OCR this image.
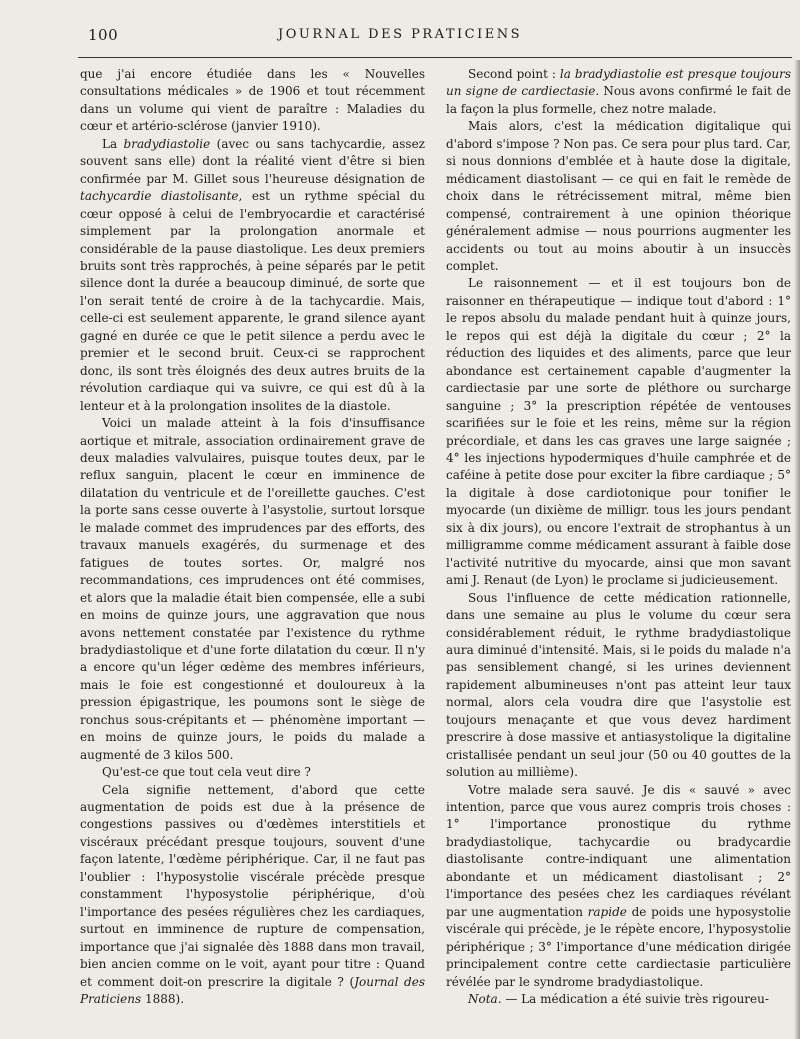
100	JOURNAL DES PRATICIENS

que j'ai encore étudiée dans les « Nouvelles consultations médicales » de 1906 et tout récemment dans un volume qui vient de paraître : Maladies du cœur et artério-sclérose (janvier 1910).

La bradydiastolie (avec ou sans tachycardie, assez souvent sans elle) dont la réalité vient d'être si bien confirmée par M. Gillet sous l'heureuse désignation de tachycardie diastolisante, est un rythme spécial du cœur opposé à celui de l'embryocardie et caractérisé simplement par la prolongation anormale et considérable de la pause diastolique. Les deux premiers bruits sont très rapprochés, à peine séparés par le petit silence dont la durée a beaucoup diminué, de sorte que l'on serait tenté de croire à de la tachycardie. Mais, celle-ci est seulement apparente, le grand silence ayant gagné en durée ce que le petit silence a perdu avec le premier et le second bruit. Ceux-ci se rapprochent donc, ils sont très éloignés des deux autres bruits de la révolution cardiaque qui va suivre, ce qui est dû à la lenteur et à la prolongation insolites de la diastole.

Voici un malade atteint à la fois d'insuffisance aortique et mitrale, association ordinairement grave de deux maladies valvulaires, puisque toutes deux, par le reflux sanguin, placent le cœur en imminence de dilatation du ventricule et de l'oreillette gauches. C'est la porte sans cesse ouverte à l'asystolie, surtout lorsque le malade commet des imprudences par des efforts, des travaux manuels exagérés, du surmenage et des fatigues de toutes sortes. Or, malgré nos recommandations, ces imprudences ont été commises, et alors que la maladie était bien compensée, elle a subi en moins de quinze jours, une aggravation que nous avons nettement constatée par l'existence du rythme bradydiastolique et d'une forte dilatation du cœur. Il n'y a encore qu'un léger œdème des membres inférieurs, mais le foie est congestionné et douloureux à la pression épigastrique, les poumons sont le siège de ronchus sous-crépitants et — phénomène important — en moins de quinze jours, le poids du malade a augmenté de 3 kilos 500.

Qu'est-ce que tout cela veut dire ?

Cela signifie nettement, d'abord que cette augmentation de poids est due à la présence de congestions passives ou d'œdèmes interstitiels et viscéraux précédant presque toujours, souvent d'une façon latente, l'œdème périphérique. Car, il ne faut pas l'oublier : l'hyposystolie viscérale précède presque constamment l'hyposystolie périphérique, d'où l'importance des pesées régulières chez les cardiaques, surtout en imminence de rupture de compensation, importance que j'ai signalée dès 1888 dans mon travail, bien ancien comme on le voit, ayant pour titre : Quand et comment doit-on prescrire la digitale ? (Journal des Praticiens 1888).

Second point : la bradydiastolie est presque toujours un signe de cardiectasie. Nous avons confirmé le fait de la façon la plus formelle, chez notre malade.

Mais alors, c'est la médication digitalique qui d'abord s'impose ? Non pas. Ce sera pour plus tard. Car, si nous donnions d'emblée et à haute dose la digitale, médicament diastolisant — ce qui en fait le remède de choix dans le rétrécissement mitral, même bien compensé, contrairement à une opinion théorique généralement admise — nous pourrions augmenter les accidents ou tout au moins aboutir à un insuccès complet.

Le raisonnement — et il est toujours bon de raisonner en thérapeutique — indique tout d'abord : 1° le repos absolu du malade pendant huit à quinze jours, le repos qui est déjà la digitale du cœur ; 2° la réduction des liquides et des aliments, parce que leur abondance est certainement capable d'augmenter la cardiectasie par une sorte de pléthore ou surcharge sanguine ; 3° la prescription répétée de ventouses scarifiées sur le foie et les reins, même sur la région précordiale, et dans les cas graves une large saignée ; 4° les injections hypodermiques d'huile camphrée et de caféine à petite dose pour exciter la fibre cardiaque ; 5° la digitale à dose cardiotonique pour tonifier le myocarde (un dixième de milligr. tous les jours pendant six à dix jours), ou encore l'extrait de strophantus à un milligramme comme médicament assurant à faible dose l'activité nutritive du myocarde, ainsi que mon savant ami J. Renaut (de Lyon) le proclame si judicieusement.

Sous l'influence de cette médication rationnelle, dans une semaine au plus le volume du cœur sera considérablement réduit, le rythme bradydiastolique aura diminué d'intensité. Mais, si le poids du malade n'a pas sensiblement changé, si les urines deviennent rapidement albumineuses n'ont pas atteint leur taux normal, alors cela voudra dire que l'asystolie est toujours menaçante et que vous devez hardiment prescrire à dose massive et antiasystolique la digitaline cristallisée pendant un seul jour (50 ou 40 gouttes de la solution au millième).

Votre malade sera sauvé. Je dis « sauvé » avec intention, parce que vous aurez compris trois choses : 1° l'importance pronostique du rythme bradydiastolique, tachycardie ou bradycardie diastolisante contre-indiquant une alimentation abondante et un médicament diastolisant ; 2° l'importance des pesées chez les cardiaques révélant par une augmentation rapide de poids une hyposystolie viscérale qui précède, je le répète encore, l'hyposystolie périphérique ; 3° l'importance d'une médication dirigée principalement contre cette cardiectasie particulière révélée par le syndrome bradydiastolique.

Nota. — La médication a été suivie très rigoureu-
